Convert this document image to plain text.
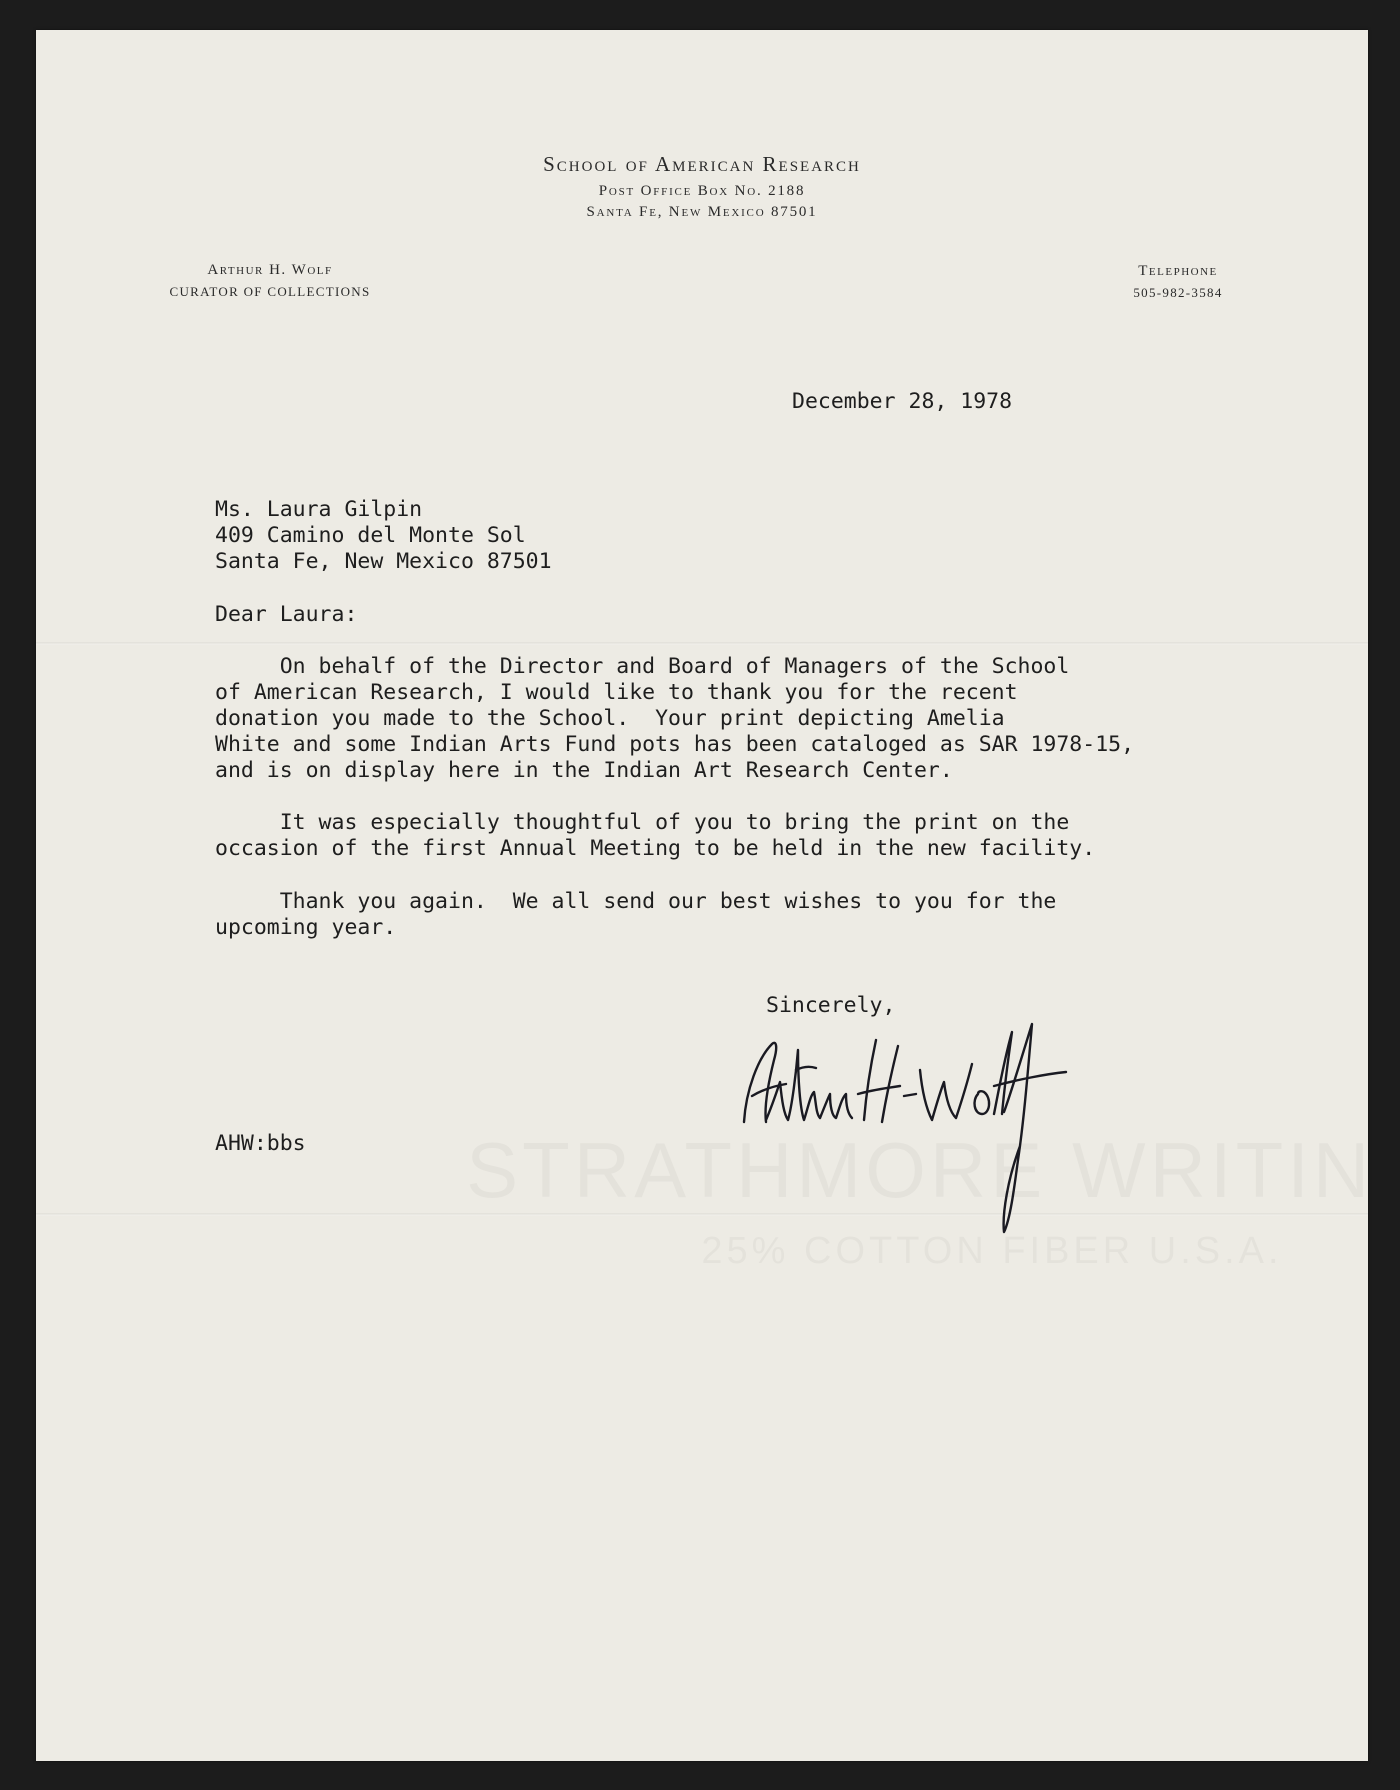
School of American Research
Post Office Box No. 2188
Santa Fe, New Mexico 87501
Arthur H. Wolf
CURATOR OF COLLECTIONS
Telephone
505-982-3584
December 28, 1978
Ms. Laura Gilpin
409 Camino del Monte Sol
Santa Fe, New Mexico 87501
Dear Laura:
On behalf of the Director and Board of Managers of the School
of American Research, I would like to thank you for the recent
donation you made to the School.  Your print depicting Amelia
White and some Indian Arts Fund pots has been cataloged as SAR 1978-15,
and is on display here in the Indian Art Research Center.
It was especially thoughtful of you to bring the print on the
occasion of the first Annual Meeting to be held in the new facility.
Thank you again.  We all send our best wishes to you for the
upcoming year.
Sincerely,
AHW:bbs
